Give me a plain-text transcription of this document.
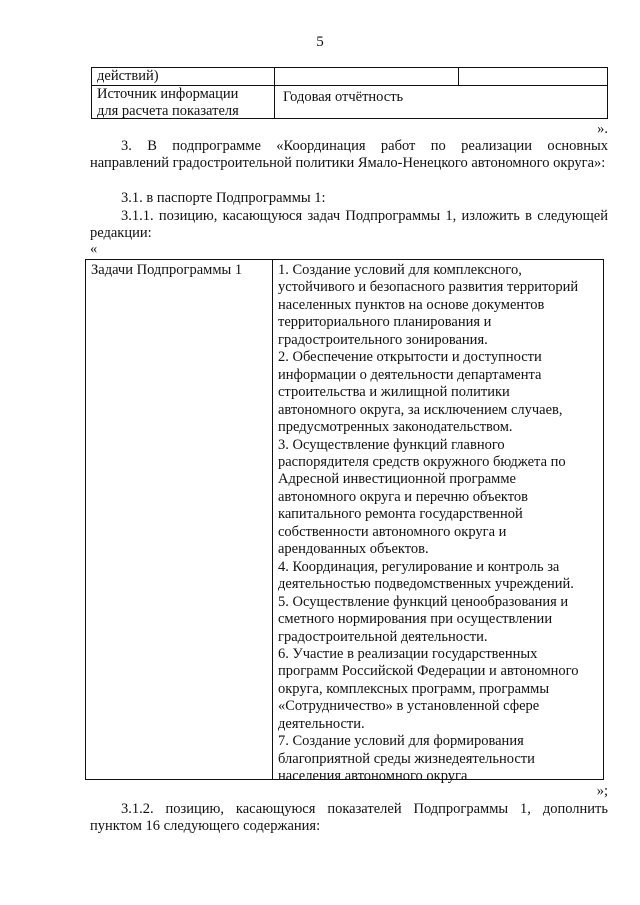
5
действий)
Источник информации
для расчета показателя
Годовая отчётность
».
3. В подпрограмме «Координация работ по реализации основных направлений градостроительной политики Ямало-Ненецкого автономного округа»:
3.1. в паспорте Подпрограммы 1:
3.1.1. позицию, касающуюся задач Подпрограммы 1, изложить в следующей редакции:
«
Задачи Подпрограммы 1 1. Создание условий для комплексного,
устойчивого и безопасного развития территорий
населенных пунктов на основе документов
территориального планирования и
градостроительного зонирования.
2. Обеспечение открытости и доступности
информации о деятельности департамента
строительства и жилищной политики
автономного округа, за исключением случаев,
предусмотренных законодательством.
3. Осуществление функций главного
распорядителя средств окружного бюджета по
Адресной инвестиционной программе
автономного округа и перечню объектов
капитального ремонта государственной
собственности автономного округа и
арендованных объектов.
4. Координация, регулирование и контроль за
деятельностью подведомственных учреждений.
5. Осуществление функций ценообразования и
сметного нормирования при осуществлении
градостроительной деятельности.
6. Участие в реализации государственных
программ Российской Федерации и автономного
округа, комплексных программ, программы
«Сотрудничество» в установленной сфере
деятельности.
7. Создание условий для формирования
благоприятной среды жизнедеятельности
населения автономного округа
»;
3.1.2. позицию, касающуюся показателей Подпрограммы 1, дополнить пунктом 16 следующего содержания:
